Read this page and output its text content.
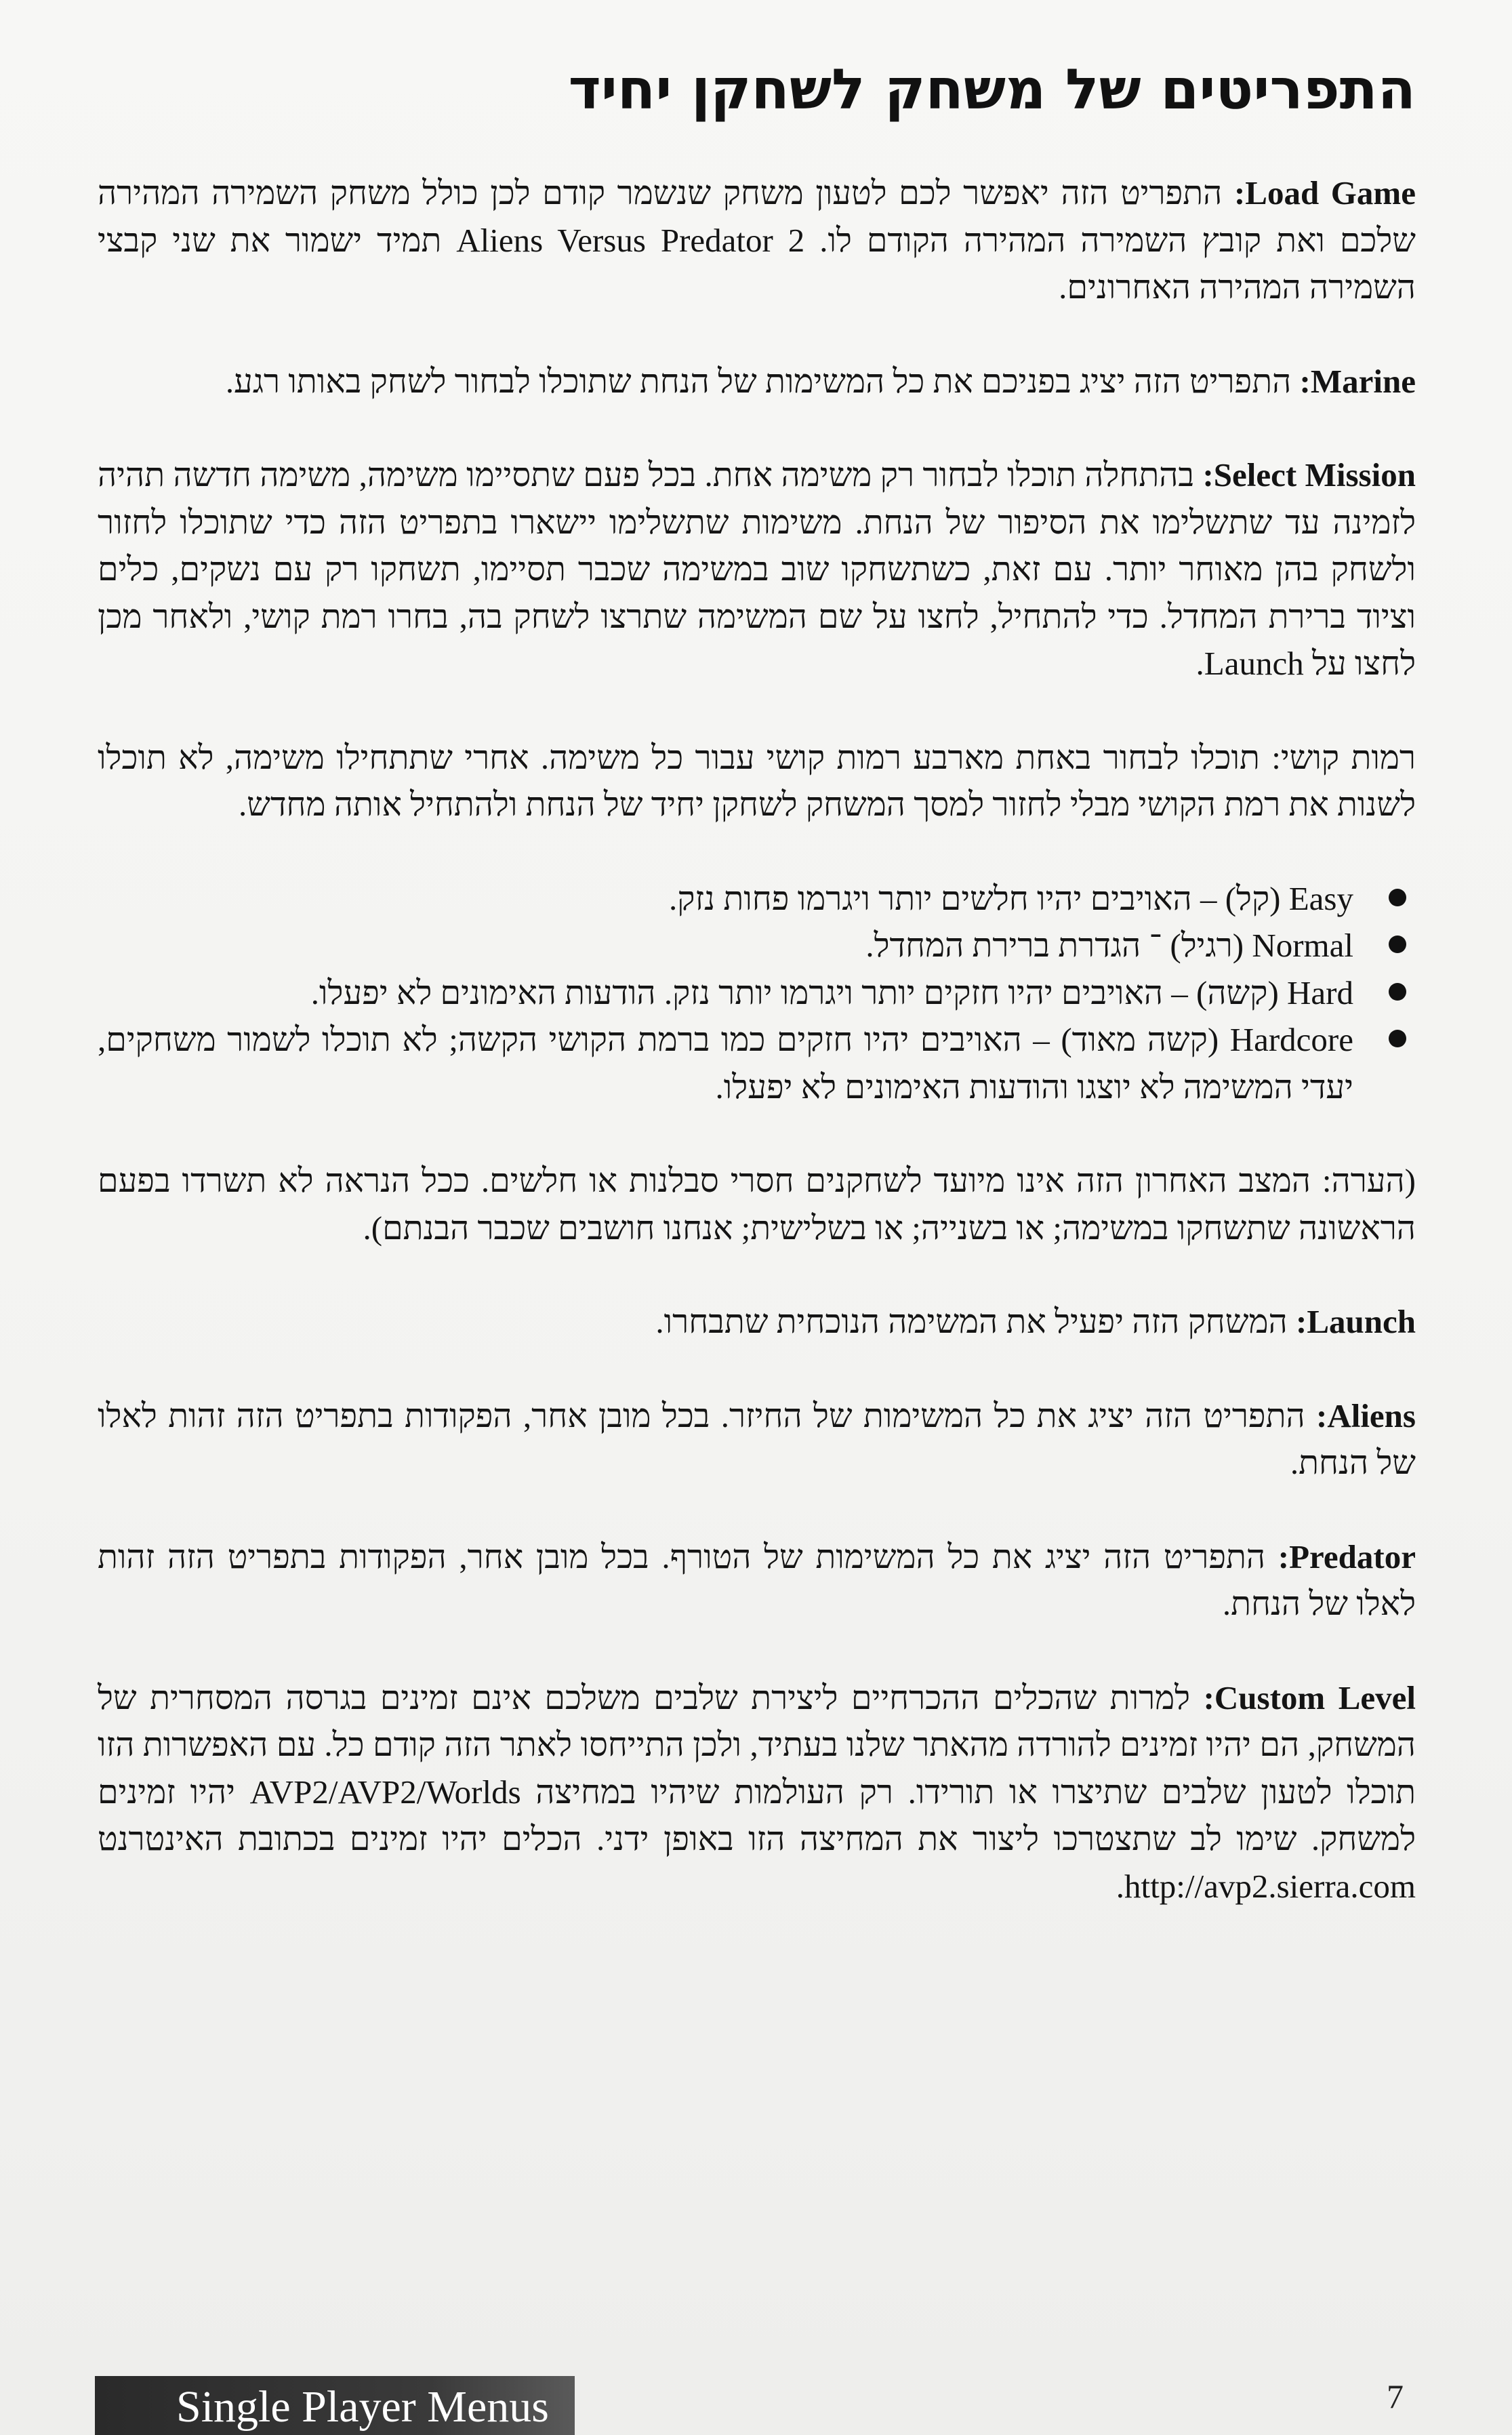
התפריטים של משחק לשחקן יחיד

Load Game: התפריט הזה יאפשר לכם לטעון משחק שנשמר קודם לכן כולל משחק השמירה המהירה שלכם ואת קובץ השמירה המהירה הקודם לו. Aliens Versus Predator 2 תמיד ישמור את שני קבצי השמירה המהירה האחרונים.

Marine: התפריט הזה יציג בפניכם את כל המשימות של הנחת שתוכלו לבחור לשחק באותו רגע.

Select Mission: בהתחלה תוכלו לבחור רק משימה אחת. בכל פעם שתסיימו משימה, משימה חדשה תהיה לזמינה עד שתשלימו את הסיפור של הנחת. משימות שתשלימו יישארו בתפריט הזה כדי שתוכלו לחזור ולשחק בהן מאוחר יותר. עם זאת, כשתשחקו שוב במשימה שכבר תסיימו, תשחקו רק עם נשקים, כלים וציוד ברירת המחדל. כדי להתחיל, לחצו על שם המשימה שתרצו לשחק בה, בחרו רמת קושי, ולאחר מכן לחצו על Launch.

רמות קושי: תוכלו לבחור באחת מארבע רמות קושי עבור כל משימה. אחרי שתתחילו משימה, לא תוכלו לשנות את רמת הקושי מבלי לחזור למסך המשחק לשחקן יחיד של הנחת ולהתחיל אותה מחדש.

Easy (קל) – האויבים יהיו חלשים יותר ויגרמו פחות נזק.
Normal (רגיל) ־ הגדרת ברירת המחדל.
Hard (קשה) – האויבים יהיו חזקים יותר ויגרמו יותר נזק. הודעות האימונים לא יפעלו.
Hardcore (קשה מאוד) – האויבים יהיו חזקים כמו ברמת הקושי הקשה; לא תוכלו לשמור משחקים, יעדי המשימה לא יוצגו והודעות האימונים לא יפעלו.

(הערה: המצב האחרון הזה אינו מיועד לשחקנים חסרי סבלנות או חלשים. ככל הנראה לא תשרדו בפעם הראשונה שתשחקו במשימה; או בשנייה; או בשלישית; אנחנו חושבים שכבר הבנתם).

Launch: המשחק הזה יפעיל את המשימה הנוכחית שתבחרו.

Aliens: התפריט הזה יציג את כל המשימות של החיזר. בכל מובן אחר, הפקודות בתפריט הזה זהות לאלו של הנחת.

Predator: התפריט הזה יציג את כל המשימות של הטורף. בכל מובן אחר, הפקודות בתפריט הזה זהות לאלו של הנחת.

Custom Level: למרות שהכלים ההכרחיים ליצירת שלבים משלכם אינם זמינים בגרסה המסחרית של המשחק, הם יהיו זמינים להורדה מהאתר שלנו בעתיד, ולכן התייחסו לאתר הזה קודם כל. עם האפשרות הזו תוכלו לטעון שלבים שתיצרו או תורידו. רק העולמות שיהיו במחיצה AVP2/AVP2/Worlds יהיו זמינים למשחק. שימו לב שתצטרכו ליצור את המחיצה הזו באופן ידני. הכלים יהיו זמינים בכתובת האינטרנט http://avp2.sierra.com.

Single Player Menus	7
